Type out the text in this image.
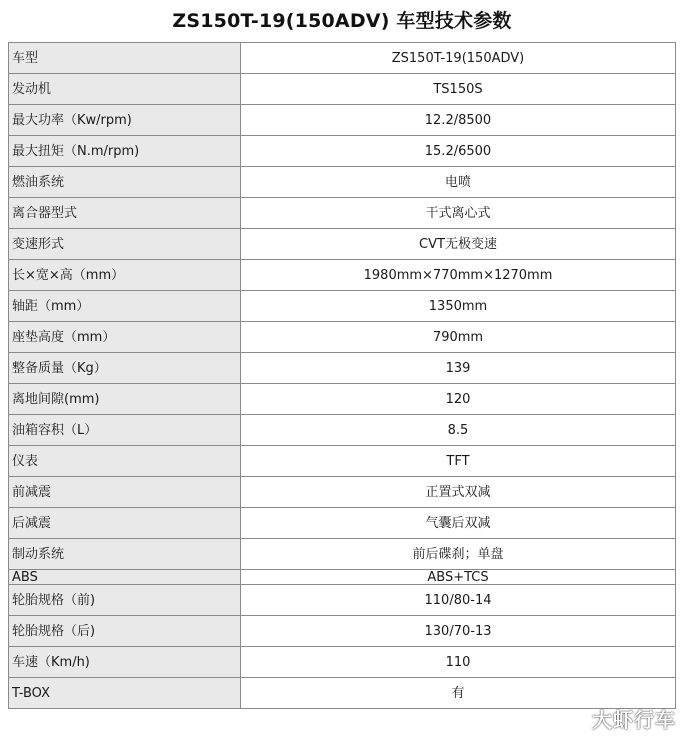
ZS150T-19(150ADV) 车型技术参数
车型	ZS150T-19(150ADV)
发动机	TS150S
最大功率（Kw/rpm)	12.2/8500
最大扭矩（N.m/rpm)	15.2/6500
燃油系统	电喷
离合器型式	干式离心式
变速形式	CVT无极变速
长×宽×高（mm）	1980mm×770mm×1270mm
轴距（mm）	1350mm
座垫高度（mm）	790mm
整备质量（Kg）	139
离地间隙(mm)	120
油箱容积（L）	8.5
仪表	TFT
前减震	正置式双减
后减震	气囊后双减
制动系统	前后碟刹；单盘
ABS	ABS+TCS
轮胎规格（前)	110/80-14
轮胎规格（后)	130/70-13
车速（Km/h)	110
T-BOX	有
大虾行车
